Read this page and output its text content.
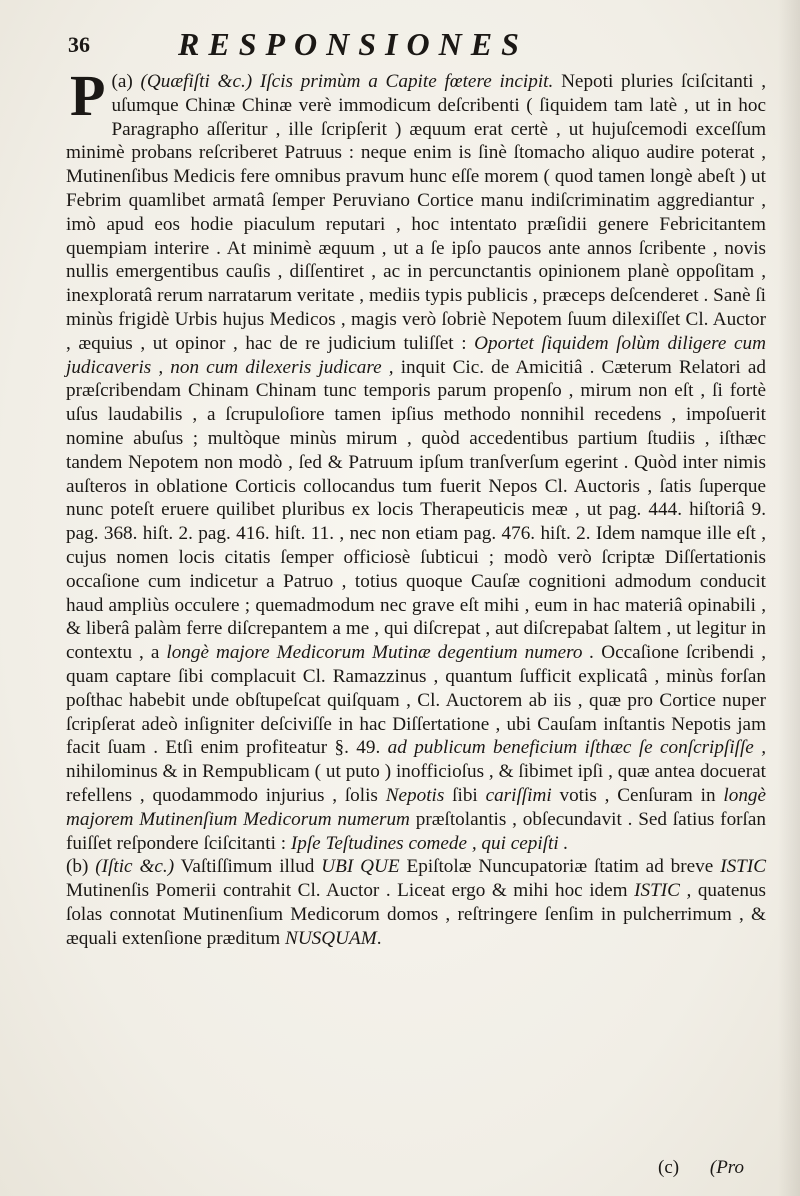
36	RESPONSIONES

(a) (Quæfiſti &c.)
P	Iſcis primùm a Capite fœtere incipit. Nepoti pluries ſciſcitanti , uſumque Chinæ Chinæ verè immodicum deſcribenti ( ſiquidem tam latè , ut in hoc Paragrapho aſſeritur , ille ſcripſerit ) æquum erat certè , ut hujuſcemodi exceſſum minimè probans reſcriberet Patruus : neque enim is ſinè ſtomacho aliquo audire poterat , Mutinenſibus Medicis fere omnibus pravum hunc eſſe morem ( quod tamen longè abeſt ) ut Febrim quamlibet armatâ ſemper Peruviano Cortice manu indiſcriminatim aggrediantur , imò apud eos hodie piaculum reputari , hoc intentato præſidii genere Febricitantem quempiam interire . At minimè æquum , ut a ſe ipſo paucos ante annos ſcribente , novis nullis emergentibus cauſis , diſſentiret , ac in percunctantis opinionem planè oppoſitam , inexploratâ rerum narratarum veritate , mediis typis publicis , præceps deſcenderet . Sanè ſi minùs frigidè Urbis hujus Medicos , magis verò ſobriè Nepotem ſuum dilexiſſet Cl. Auctor , æquius , ut opinor , hac de re judicium tuliſſet : Oportet ſiquidem ſolùm diligere cum judicaveris , non cum dilexeris judicare , inquit Cic. de Amicitiâ . Cæterum Relatori ad præſcribendam Chinam Chinam tunc temporis parum propenſo , mirum non eſt , ſi fortè uſus laudabilis , a ſcrupuloſiore tamen ipſius methodo nonnihil recedens , impoſuerit nomine abuſus ; multòque minùs mirum , quòd accedentibus partium ſtudiis , iſthæc tandem Nepotem non modò , ſed & Patruum ipſum tranſverſum egerint . Quòd inter nimis auſteros in oblatione Corticis collocandus tum fuerit Nepos Cl. Auctoris , ſatis ſuperque nunc poteſt eruere quilibet pluribus ex locis Therapeuticis meæ , ut pag. 444. hiſtoriâ 9. pag. 368. hiſt. 2. pag. 416. hiſt. 11. , nec non etiam pag. 476. hiſt. 2. Idem namque ille eſt , cujus nomen locis citatis ſemper officiosè ſubticui ; modò verò ſcriptæ Diſſertationis occaſione cum indicetur a Patruo , totius quoque Cauſæ cognitioni admodum conducit haud ampliùs occulere ; quemadmodum nec grave eſt mihi , eum in hac materiâ opinabili , & liberâ palàm ferre diſcrepantem a me , qui diſcrepat , aut diſcrepabat ſaltem , ut legitur in contextu , a longè majore Medicorum Mutinæ degentium numero . Occaſione ſcribendi , quam captare ſibi complacuit Cl. Ramazzinus , quantum ſufficit explicatâ , minùs forſan poſthac habebit unde obſtupeſcat quiſquam , Cl. Auctorem ab iis , quæ pro Cortice nuper ſcripſerat adeò inſigniter deſciviſſe in hac Diſſertatione , ubi Cauſam inſtantis Nepotis jam facit ſuam . Etſi enim profiteatur §. 49. ad publicum beneficium iſthæc ſe conſcripſiſſe , nihilominus & in Rempublicam ( ut puto ) inofficioſus , & ſibimet ipſi , quæ antea docuerat refellens , quodammodo injurius , ſolis Nepotis ſibi cariſſimi votis , Cenſuram in longè majorem Mutinenſium Medicorum numerum præſtolantis , obſecundavit . Sed ſatius forſan fuiſſet reſpondere ſciſcitanti : Ipſe Teſtudines comede , qui cepiſti .

(b) (Iſtic &c.) Vaſtiſſimum illud UBI QUE Epiſtolæ Nuncupatoriæ ſtatim ad breve ISTIC Mutinenſis Pomerii contrahit Cl. Auctor . Liceat ergo & mihi hoc idem ISTIC , quatenus ſolas connotat Mutinenſium Medicorum domos , reſtringere ſenſim in pulcherrimum , & æquali extenſione præditum NUSQUAM.

(c) (Pro
